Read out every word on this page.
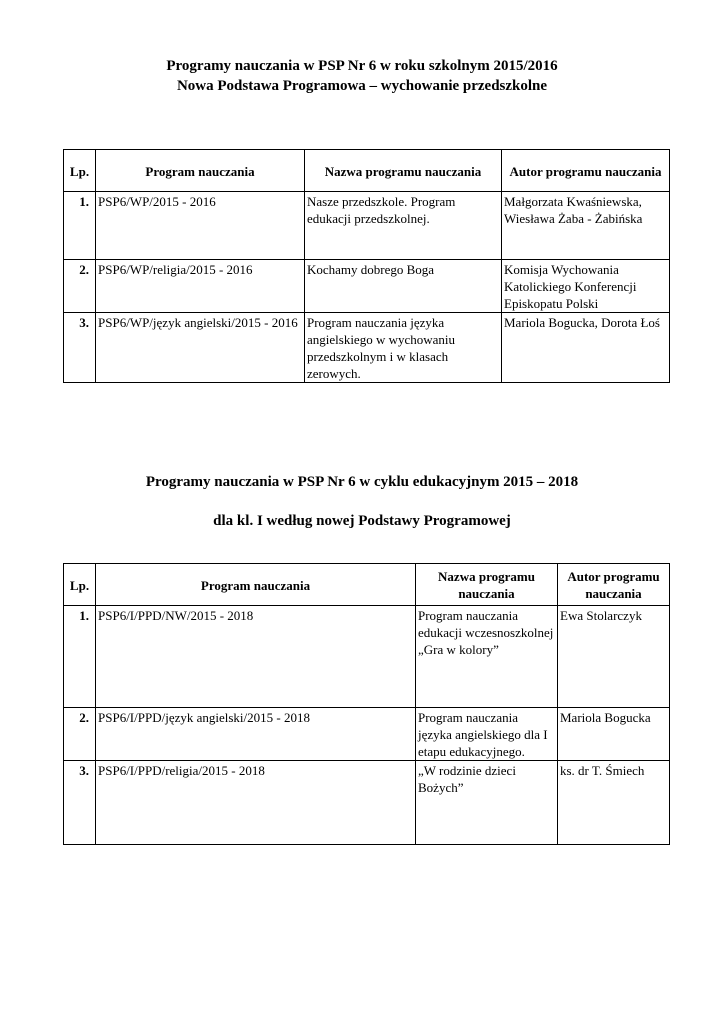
Programy nauczania w PSP Nr 6 w roku szkolnym 2015/2016
Nowa Podstawa Programowa – wychowanie przedszkolne
Lp.	Program nauczania	Nazwa programu nauczania	Autor programu nauczania
1.	PSP6/WP/2015 - 2016	Nasze przedszkole. Program edukacji przedszkolnej.	Małgorzata Kwaśniewska, Wiesława Żaba - Żabińska
2.	PSP6/WP/religia/2015 - 2016	Kochamy dobrego Boga	Komisja Wychowania Katolickiego Konferencji Episkopatu Polski
3.	PSP6/WP/język angielski/2015 - 2016	Program nauczania języka angielskiego w wychowaniu przedszkolnym i w klasach zerowych.	Mariola Bogucka, Dorota Łoś
Programy nauczania w PSP Nr 6 w cyklu edukacyjnym 2015 – 2018
dla kl. I według nowej Podstawy Programowej
Lp.	Program nauczania	Nazwa programu nauczania	Autor programu nauczania
1.	PSP6/I/PPD/NW/2015 - 2018	Program nauczania edukacji wczesnoszkolnej „Gra w kolory”	Ewa Stolarczyk
2.	PSP6/I/PPD/język angielski/2015 - 2018	Program nauczania języka angielskiego dla I etapu edukacyjnego.	Mariola Bogucka
3.	PSP6/I/PPD/religia/2015 - 2018	„W rodzinie dzieci Bożych”	ks. dr T. Śmiech
